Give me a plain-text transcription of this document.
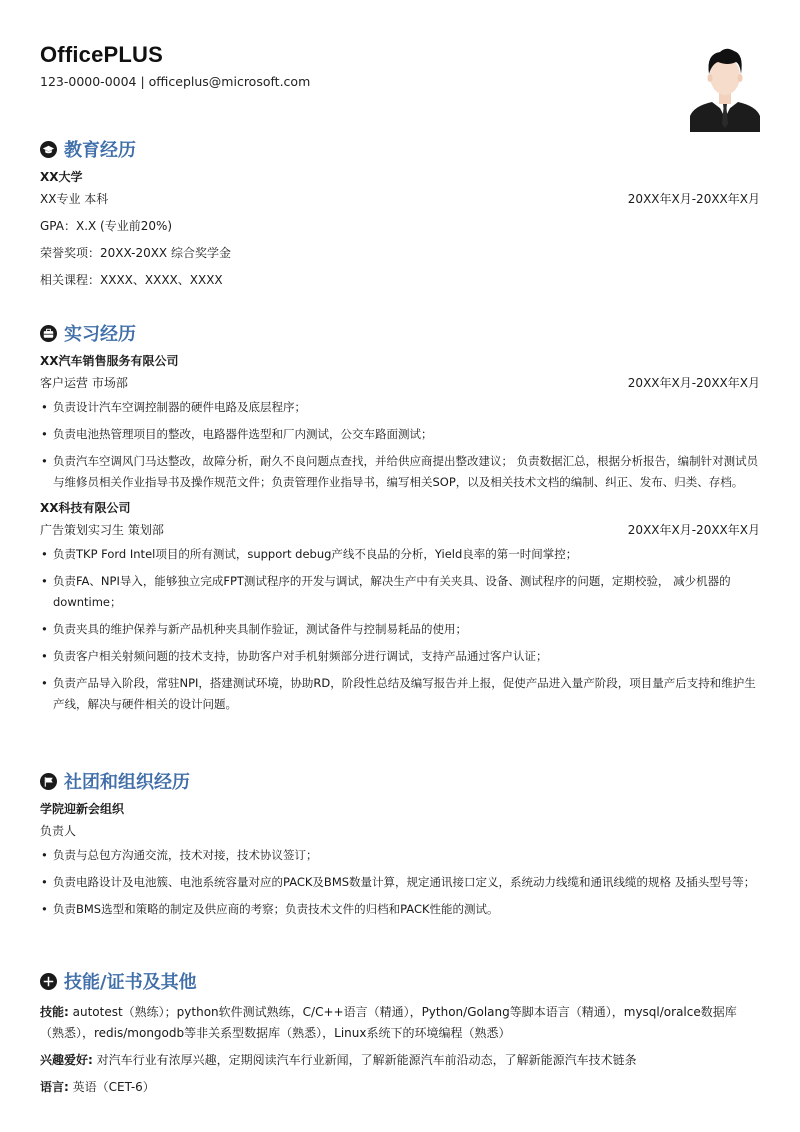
OfficePLUS
123-0000-0004 | officeplus@microsoft.com
教育经历
XX大学
XX专业 本科	20XX年X月-20XX年X月
GPA：X.X (专业前20%)
荣誉奖项：20XX-20XX 综合奖学金
相关课程：XXXX、XXXX、XXXX
实习经历
XX汽车销售服务有限公司
客户运营 市场部	20XX年X月-20XX年X月
• 负责设计汽车空调控制器的硬件电路及底层程序；
• 负责电池热管理项目的整改，电路器件选型和厂内测试，公交车路面测试；
• 负责汽车空调风门马达整改，故障分析，耐久不良问题点查找，并给供应商提出整改建议； 负责数据汇总，根据分析报告，编制针对测试员与维修员相关作业指导书及操作规范文件；负责管理作业指导书，编写相关SOP，以及相关技术文档的编制、纠正、发布、归类、存档。
XX科技有限公司
广告策划实习生 策划部	20XX年X月-20XX年X月
• 负责TKP Ford Intel项目的所有测试，support debug产线不良品的分析，Yield良率的第一时间掌控；
• 负责FA、NPI导入，能够独立完成FPT测试程序的开发与调试，解决生产中有关夹具、设备、测试程序的问题，定期校验， 减少机器的downtime；
• 负责夹具的维护保养与新产品机种夹具制作验证，测试备件与控制易耗品的使用；
• 负责客户相关射频问题的技术支持，协助客户对手机射频部分进行调试，支持产品通过客户认证；
• 负责产品导入阶段，常驻NPI，搭建测试环境，协助RD，阶段性总结及编写报告并上报，促使产品进入量产阶段，项目量产后支持和维护生产线，解决与硬件相关的设计问题。
社团和组织经历
学院迎新会组织
负责人
• 负责与总包方沟通交流，技术对接，技术协议签订；
• 负责电路设计及电池簇、电池系统容量对应的PACK及BMS数量计算，规定通讯接口定义，系统动力线缆和通讯线缆的规格 及插头型号等；
• 负责BMS选型和策略的制定及供应商的考察；负责技术文件的归档和PACK性能的测试。
技能/证书及其他
技能: autotest（熟练）；python软件测试熟练，C/C++语言（精通），Python/Golang等脚本语言（精通），mysql/oralce数据库（熟悉），redis/mongodb等非关系型数据库（熟悉），Linux系统下的环境编程（熟悉）
兴趣爱好: 对汽车行业有浓厚兴趣，定期阅读汽车行业新闻，了解新能源汽车前沿动态，了解新能源汽车技术链条
语言: 英语（CET-6）
